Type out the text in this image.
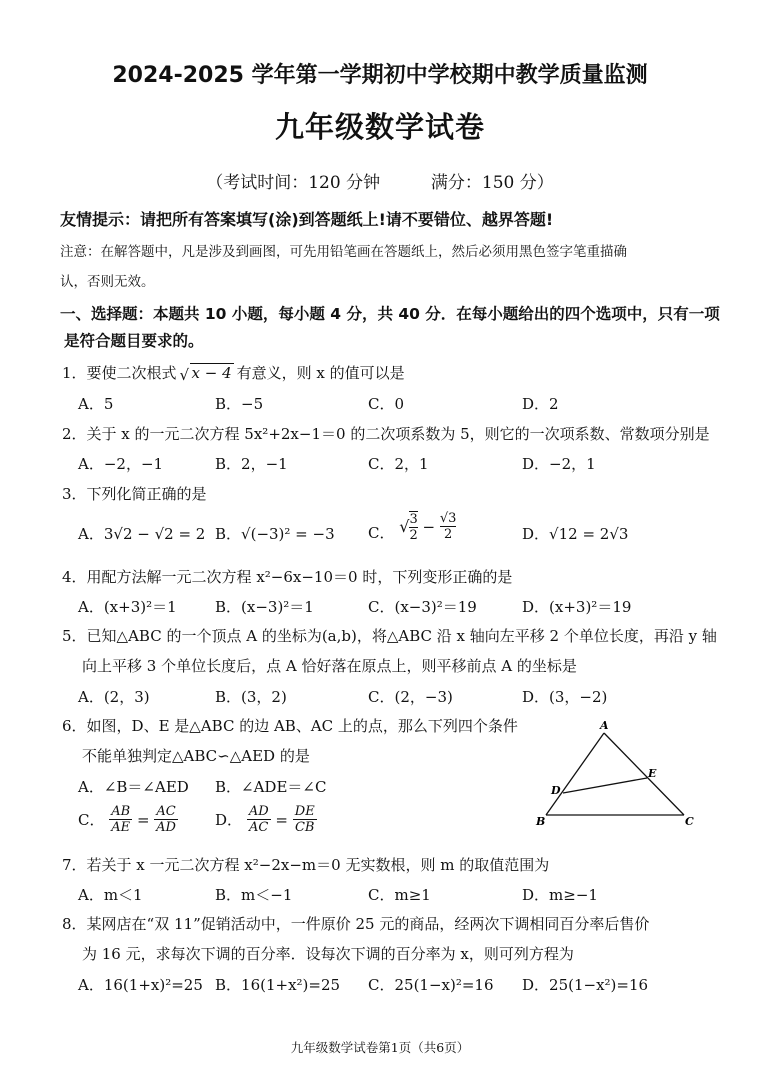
2024-2025 学年第一学期初中学校期中教学质量监测
九年级数学试卷
（考试时间：120 分钟	满分：150 分）
友情提示：请把所有答案填写(涂)到答题纸上!请不要错位、越界答题!
注意：在解答题中，凡是涉及到画图，可先用铅笔画在答题纸上，然后必须用黑色签字笔重描确
认，否则无效。
一、选择题：本题共 10 小题，每小题 4 分，共 40 分．在每小题给出的四个选项中，只有一项
是符合题目要求的。
1．要使二次根式 √ x − 4 有意义，则 x 的值可以是
A．5	B．−5	C．0	D．2
2．关于 x 的一元二次方程 5x²+2x−1＝0 的二次项系数为 5，则它的一次项系数、常数项分别是
A．−2，−1	B．2，−1	C．2，1	D．−2，1
3．下列化简正确的是
A．3√2 − √2 = 2 B．√(−3)² = −3 C． √ $\frac{3}{2} - \frac{√3}{2}$	D．√12 = 2√3
4．用配方法解一元二次方程 x²−6x−10＝0 时，下列变形正确的是
A．(x+3)²＝1	B．(x−3)²＝1	C．(x−3)²＝19	D．(x+3)²＝19
5．已知△ABC 的一个顶点 A 的坐标为(a,b)，将△ABC 沿 x 轴向左平移 2 个单位长度，再沿 y 轴
向上平移 3 个单位长度后，点 A 恰好落在原点上，则平移前点 A 的坐标是
A．(2，3)	B．(3，2)	C．(2，−3)	D．(3，−2)
6．如图，D、E 是△ABC 的边 AB、AC 上的点，那么下列四个条件
不能单独判定△ABC∽△AED 的是
A．∠B＝∠AED B．∠ADE＝∠C
C． $\frac{AB}{AE} = \frac{AC}{AD}$ D． $\frac{AD}{AC} = \frac{DE}{CB}$
A
B	C
D
E
7．若关于 x 一元二次方程 x²−2x−m＝0 无实数根，则 m 的取值范围为
A．m＜1	B．m＜−1	C．m≥1	D．m≥−1
8．某网店在“双 11”促销活动中，一件原价 25 元的商品，经两次下调相同百分率后售价
为 16 元，求每次下调的百分率．设每次下调的百分率为 x，则可列方程为
A．16(1+x)²=25 B．16(1+x²)=25 C．25(1−x)²=16 D．25(1−x²)=16
九年级数学试卷第1页（共6页）
